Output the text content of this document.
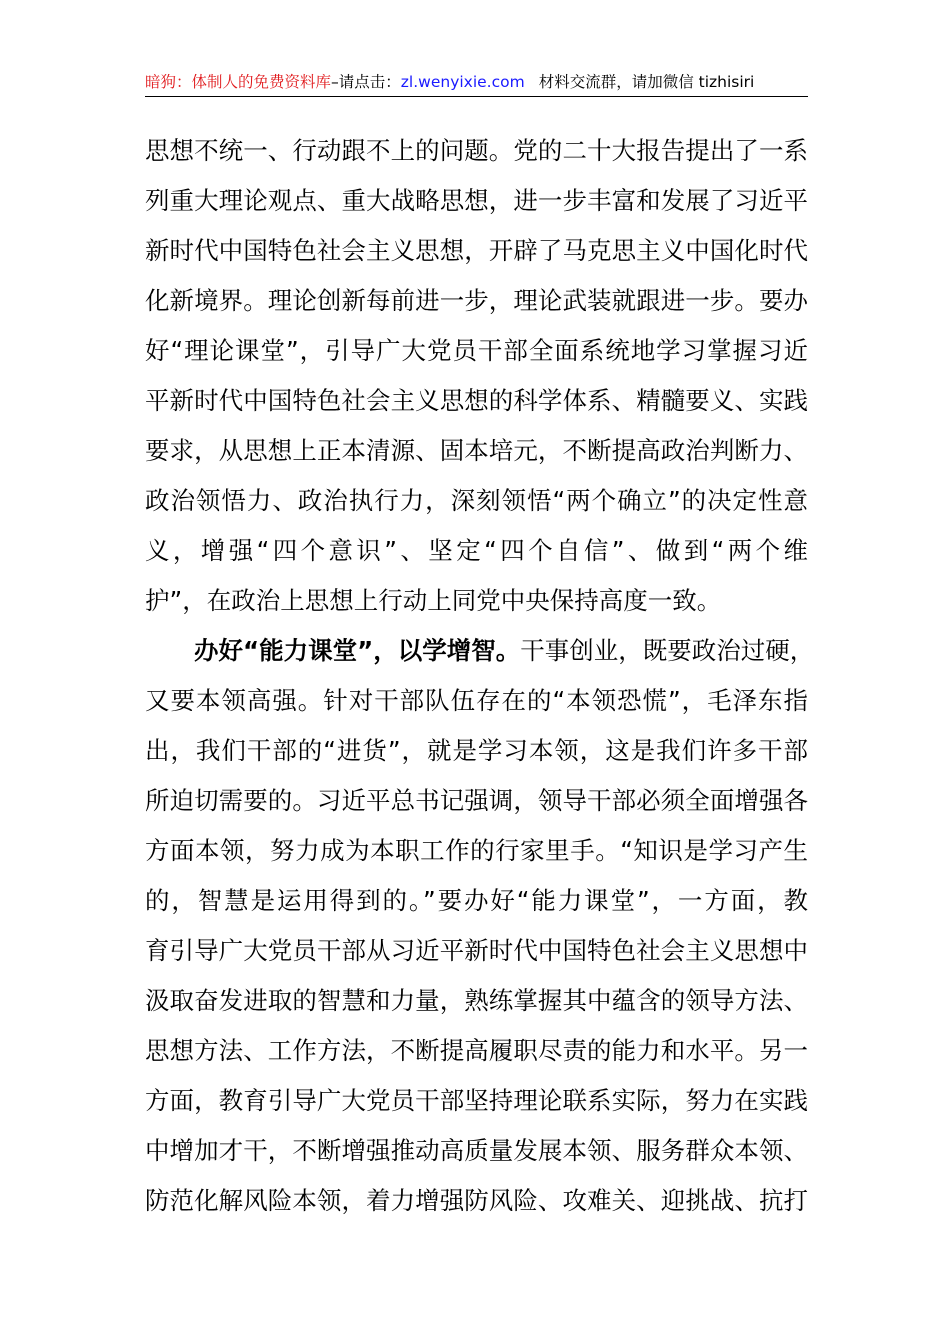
暗狗：体制人的免费资料库–请点击：zl.wenyixie.com 材料交流群，请加微信 tizhisiri
思想不统一、行动跟不上的问题。党的二十大报告提出了一系
列重大理论观点、重大战略思想，进一步丰富和发展了习近平
新时代中国特色社会主义思想，开辟了马克思主义中国化时代
化新境界。理论创新每前进一步，理论武装就跟进一步。要办
好“理论课堂”，引导广大党员干部全面系统地学习掌握习近
平新时代中国特色社会主义思想的科学体系、精髓要义、实践
要求，从思想上正本清源、固本培元，不断提高政治判断力、
政治领悟力、政治执行力，深刻领悟“两个确立”的决定性意
义，增强“四个意识”、坚定“四个自信”、做到“两个维
护”，在政治上思想上行动上同党中央保持高度一致。
办好“能力课堂”，以学增智。干事创业，既要政治过硬，
又要本领高强。针对干部队伍存在的“本领恐慌”，毛泽东指
出，我们干部的“进货”，就是学习本领，这是我们许多干部
所迫切需要的。习近平总书记强调，领导干部必须全面增强各
方面本领，努力成为本职工作的行家里手。“知识是学习产生
的，智慧是运用得到的。”要办好“能力课堂”，一方面，教
育引导广大党员干部从习近平新时代中国特色社会主义思想中
汲取奋发进取的智慧和力量，熟练掌握其中蕴含的领导方法、
思想方法、工作方法，不断提高履职尽责的能力和水平。另一
方面，教育引导广大党员干部坚持理论联系实际，努力在实践
中增加才干，不断增强推动高质量发展本领、服务群众本领、
防范化解风险本领，着力增强防风险、攻难关、迎挑战、抗打
